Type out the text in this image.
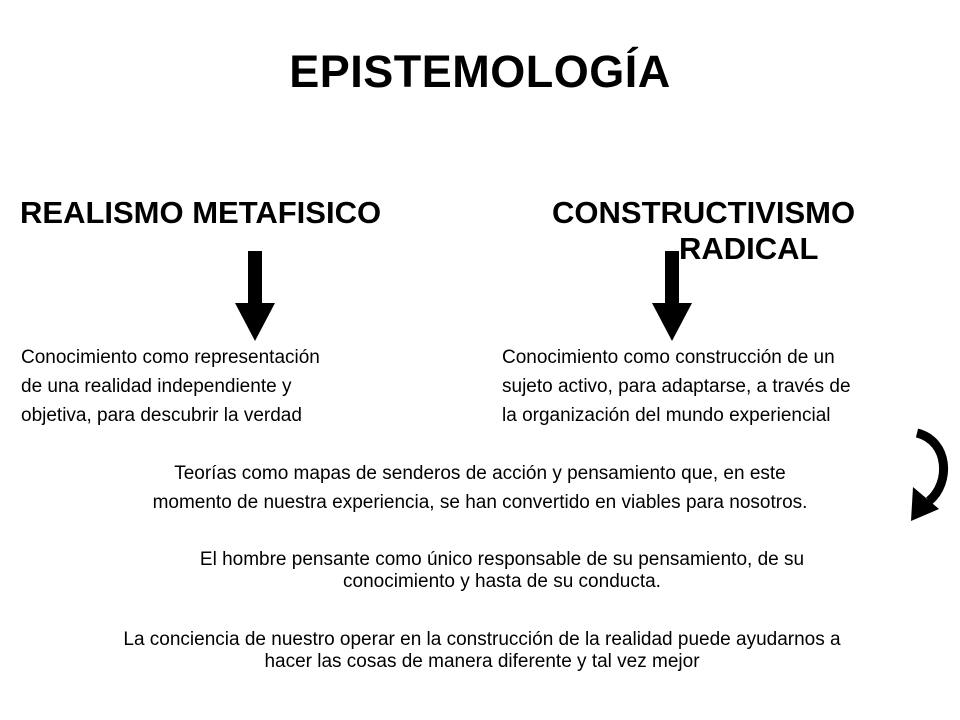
EPISTEMOLOGÍA
REALISMO METAFISICO
Conocimiento como representación
de una realidad independiente y
objetiva, para descubrir la verdad
CONSTRUCTIVISMO
RADICAL
Conocimiento como construcción de un
sujeto activo, para adaptarse, a través de
la organización del mundo experiencial
Teorías como mapas de senderos de acción y pensamiento que, en este
momento de nuestra experiencia, se han convertido en viables para nosotros.
El hombre pensante como único responsable de su pensamiento, de su
conocimiento y hasta de su conducta.
La conciencia de nuestro operar en la construcción de la realidad puede ayudarnos a
hacer las cosas de manera diferente y tal vez mejor
